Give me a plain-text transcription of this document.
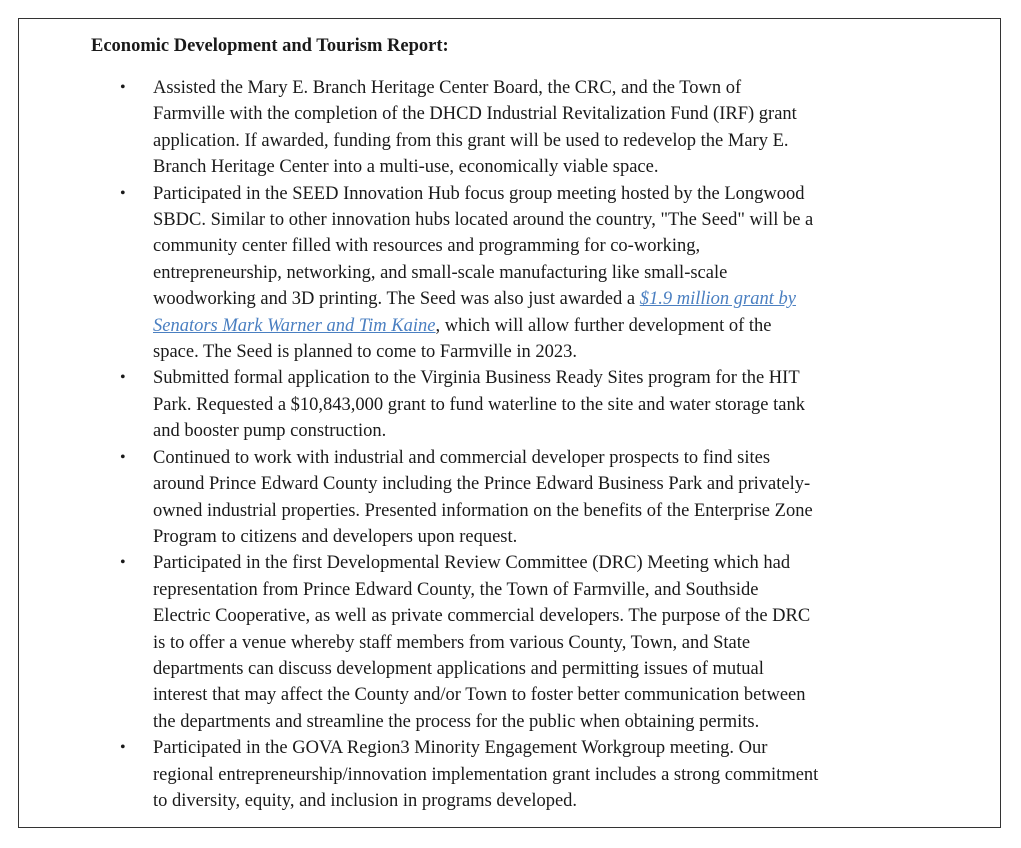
Economic Development and Tourism Report:
• Assisted the Mary E. Branch Heritage Center Board, the CRC, and the Town of
Farmville with the completion of the DHCD Industrial Revitalization Fund (IRF) grant
application. If awarded, funding from this grant will be used to redevelop the Mary E.
Branch Heritage Center into a multi-use, economically viable space.
• Participated in the SEED Innovation Hub focus group meeting hosted by the Longwood
SBDC. Similar to other innovation hubs located around the country, "The Seed" will be a
community center filled with resources and programming for co-working,
entrepreneurship, networking, and small-scale manufacturing like small-scale
woodworking and 3D printing. The Seed was also just awarded a $1.9 million grant by
Senators Mark Warner and Tim Kaine, which will allow further development of the
space. The Seed is planned to come to Farmville in 2023.
• Submitted formal application to the Virginia Business Ready Sites program for the HIT
Park. Requested a $10,843,000 grant to fund waterline to the site and water storage tank
and booster pump construction.
• Continued to work with industrial and commercial developer prospects to find sites
around Prince Edward County including the Prince Edward Business Park and privately-
owned industrial properties. Presented information on the benefits of the Enterprise Zone
Program to citizens and developers upon request.
• Participated in the first Developmental Review Committee (DRC) Meeting which had
representation from Prince Edward County, the Town of Farmville, and Southside
Electric Cooperative, as well as private commercial developers. The purpose of the DRC
is to offer a venue whereby staff members from various County, Town, and State
departments can discuss development applications and permitting issues of mutual
interest that may affect the County and/or Town to foster better communication between
the departments and streamline the process for the public when obtaining permits.
• Participated in the GOVA Region3 Minority Engagement Workgroup meeting. Our
regional entrepreneurship/innovation implementation grant includes a strong commitment
to diversity, equity, and inclusion in programs developed.
